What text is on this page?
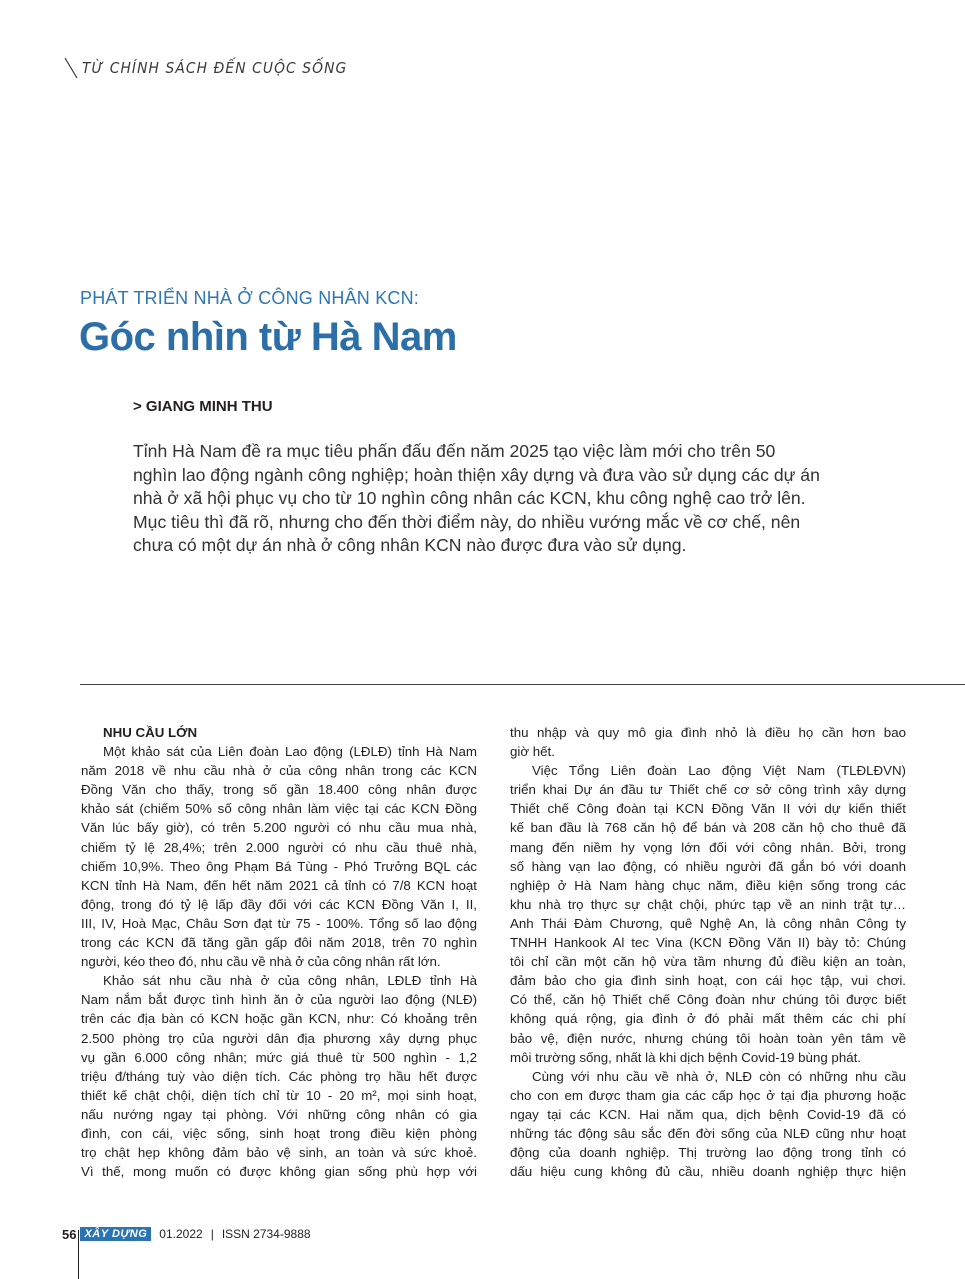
TỪ CHÍNH SÁCH ĐẾN CUỘC SỐNG
PHÁT TRIỂN NHÀ Ở CÔNG NHÂN KCN:
Góc nhìn từ Hà Nam
> GIANG MINH THU
Tỉnh Hà Nam đề ra mục tiêu phấn đấu đến năm 2025 tạo việc làm mới cho trên 50
nghìn lao động ngành công nghiệp; hoàn thiện xây dựng và đưa vào sử dụng các dự án
nhà ở xã hội phục vụ cho từ 10 nghìn công nhân các KCN, khu công nghệ cao trở lên.
Mục tiêu thì đã rõ, nhưng cho đến thời điểm này, do nhiều vướng mắc về cơ chế, nên
chưa có một dự án nhà ở công nhân KCN nào được đưa vào sử dụng.
NHU CẦU LỚN
Một khảo sát của Liên đoàn Lao động (LĐLĐ) tỉnh Hà Nam
năm 2018 về nhu cầu nhà ở của công nhân trong các KCN
Đồng Văn cho thấy, trong số gần 18.400 công nhân được
khảo sát (chiếm 50% số công nhân làm việc tại các KCN Đồng
Văn lúc bấy giờ), có trên 5.200 người có nhu cầu mua nhà,
chiếm tỷ lệ 28,4%; trên 2.000 người có nhu cầu thuê nhà,
chiếm 10,9%. Theo ông Phạm Bá Tùng - Phó Trưởng BQL các
KCN tỉnh Hà Nam, đến hết năm 2021 cả tỉnh có 7/8 KCN hoạt
động, trong đó tỷ lệ lấp đầy đối với các KCN Đồng Văn I, II,
III, IV, Hoà Mạc, Châu Sơn đạt từ 75 - 100%. Tổng số lao động
trong các KCN đã tăng gần gấp đôi năm 2018, trên 70 nghìn
người, kéo theo đó, nhu cầu về nhà ở của công nhân rất lớn.
Khảo sát nhu cầu nhà ở của công nhân, LĐLĐ tỉnh Hà
Nam nắm bắt được tình hình ăn ở của người lao động (NLĐ)
trên các địa bàn có KCN hoặc gần KCN, như: Có khoảng trên
2.500 phòng trọ của người dân địa phương xây dựng phục
vụ gần 6.000 công nhân; mức giá thuê từ 500 nghìn - 1,2
triệu đ/tháng tuỳ vào diện tích. Các phòng trọ hầu hết được
thiết kế chật chội, diện tích chỉ từ 10 - 20 m², mọi sinh hoạt,
nấu nướng ngay tại phòng. Với những công nhân có gia
đình, con cái, việc sống, sinh hoạt trong điều kiện phòng
trọ chật hẹp không đảm bảo vệ sinh, an toàn và sức khoẻ.
Vì thế, mong muốn có được không gian sống phù hợp với
thu nhập và quy mô gia đình nhỏ là điều họ cần hơn bao
giờ hết.
Việc Tổng Liên đoàn Lao động Việt Nam (TLĐLĐVN)
triển khai Dự án đầu tư Thiết chế cơ sở công trình xây dựng
Thiết chế Công đoàn tại KCN Đồng Văn II với dự kiến thiết
kế ban đầu là 768 căn hộ để bán và 208 căn hộ cho thuê đã
mang đến niềm hy vọng lớn đối với công nhân. Bởi, trong
số hàng vạn lao động, có nhiều người đã gắn bó với doanh
nghiệp ở Hà Nam hàng chục năm, điều kiện sống trong các
khu nhà trọ thực sự chật chội, phức tạp về an ninh trật tự…
Anh Thái Đàm Chương, quê Nghệ An, là công nhân Công ty
TNHH Hankook Al tec Vina (KCN Đồng Văn II) bày tỏ: Chúng
tôi chỉ cần một căn hộ vừa tầm nhưng đủ điều kiện an toàn,
đảm bảo cho gia đình sinh hoạt, con cái học tập, vui chơi.
Có thể, căn hộ Thiết chế Công đoàn như chúng tôi được biết
không quá rộng, gia đình ở đó phải mất thêm các chi phí
bảo vệ, điện nước, nhưng chúng tôi hoàn toàn yên tâm về
môi trường sống, nhất là khi dịch bệnh Covid-19 bùng phát.
Cùng với nhu cầu về nhà ở, NLĐ còn có những nhu cầu
cho con em được tham gia các cấp học ở tại địa phương hoặc
ngay tại các KCN. Hai năm qua, dịch bệnh Covid-19 đã có
những tác động sâu sắc đến đời sống của NLĐ cũng như hoạt
động của doanh nghiệp. Thị trường lao động trong tỉnh có
dấu hiệu cung không đủ cầu, nhiều doanh nghiệp thực hiện
56 XÂY DỰNG	01.2022 | ISSN 2734-9888
